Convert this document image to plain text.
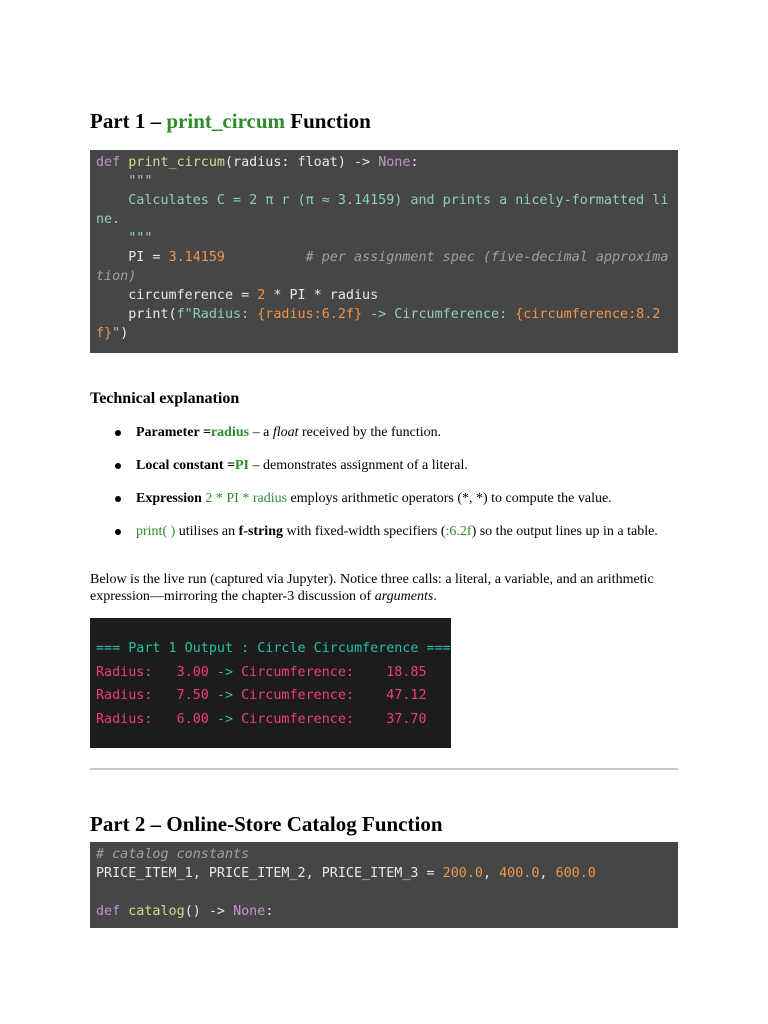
Part 1 – print_circum Function
def print_circum(radius: float) -> None:
"""
Calculates C = 2 π r (π ≈ 3.14159) and prints a nicely-formatted line.
"""
PI = 3.14159	# per assignment spec (five-decimal approximation)
circumference = 2 * PI * radius
print(f"Radius: {radius:6.2f} -> Circumference: {circumference:8.2f}")
Technical explanation
Parameter =radius – a float received by the function.
Local constant =PI – demonstrates assignment of a literal.
Expression 2 * PI * radius employs arithmetic operators (*, *) to compute the value.
print( ) utilises an f-string with fixed-width specifiers (:6.2f) so the output lines up in a table.

Below is the live run (captured via Jupyter). Notice three calls: a literal, a variable, and an arithmetic expression—mirroring the chapter-3 discussion of arguments.

=== Part 1 Output : Circle Circumference ===
Radius:   3.00 -> Circumference:    18.85
Radius:   7.50 -> Circumference:    47.12
Radius:   6.00 -> Circumference:    37.70
Part 2 – Online-Store Catalog Function
# catalog constants
PRICE_ITEM_1, PRICE_ITEM_2, PRICE_ITEM_3 = 200.0, 400.0, 600.0

def catalog() -> None:
